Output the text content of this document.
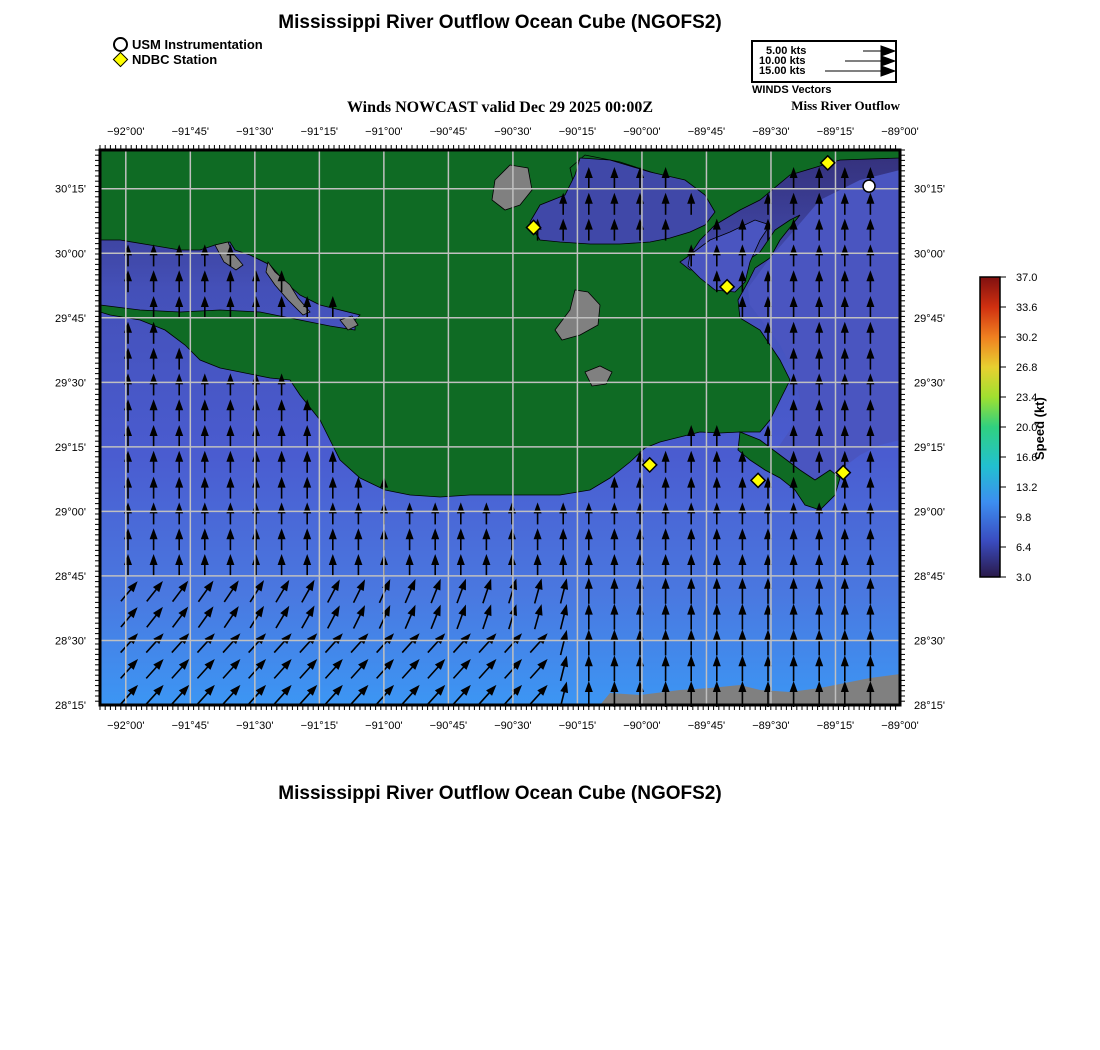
Mississippi River Outflow Ocean Cube (NGOFS2)
USM Instrumentation
NDBC Station
5.00 kts
10.00 kts
15.00 kts
WINDS Vectors
Winds NOWCAST valid Dec 29 2025 00:00Z	Miss River Outflow
−92°00'
−92°00'
−91°45'
−91°45'
−91°30'
−91°30'
−91°15'
−91°15'
−91°00'
−91°00'
−90°45'
−90°45'
−90°30'
−90°30'
−90°15'
−90°15'
−90°00'
−90°00'
−89°45'
−89°45'
−89°30'
−89°30'
−89°15'
−89°15'
−89°00'
−89°00'
30°15'	30°15'
30°00'	30°00'
29°45'	29°45'
29°30'	29°30'
29°15'	29°15'
29°00'	29°00'
28°45'	28°45'
28°30'	28°30'
28°15'	28°15'
37.0
33.6
30.2
26.8
23.4
20.0
16.6
13.2
9.8
6.4
3.0
Speed (kt)
Mississippi River Outflow Ocean Cube (NGOFS2)
